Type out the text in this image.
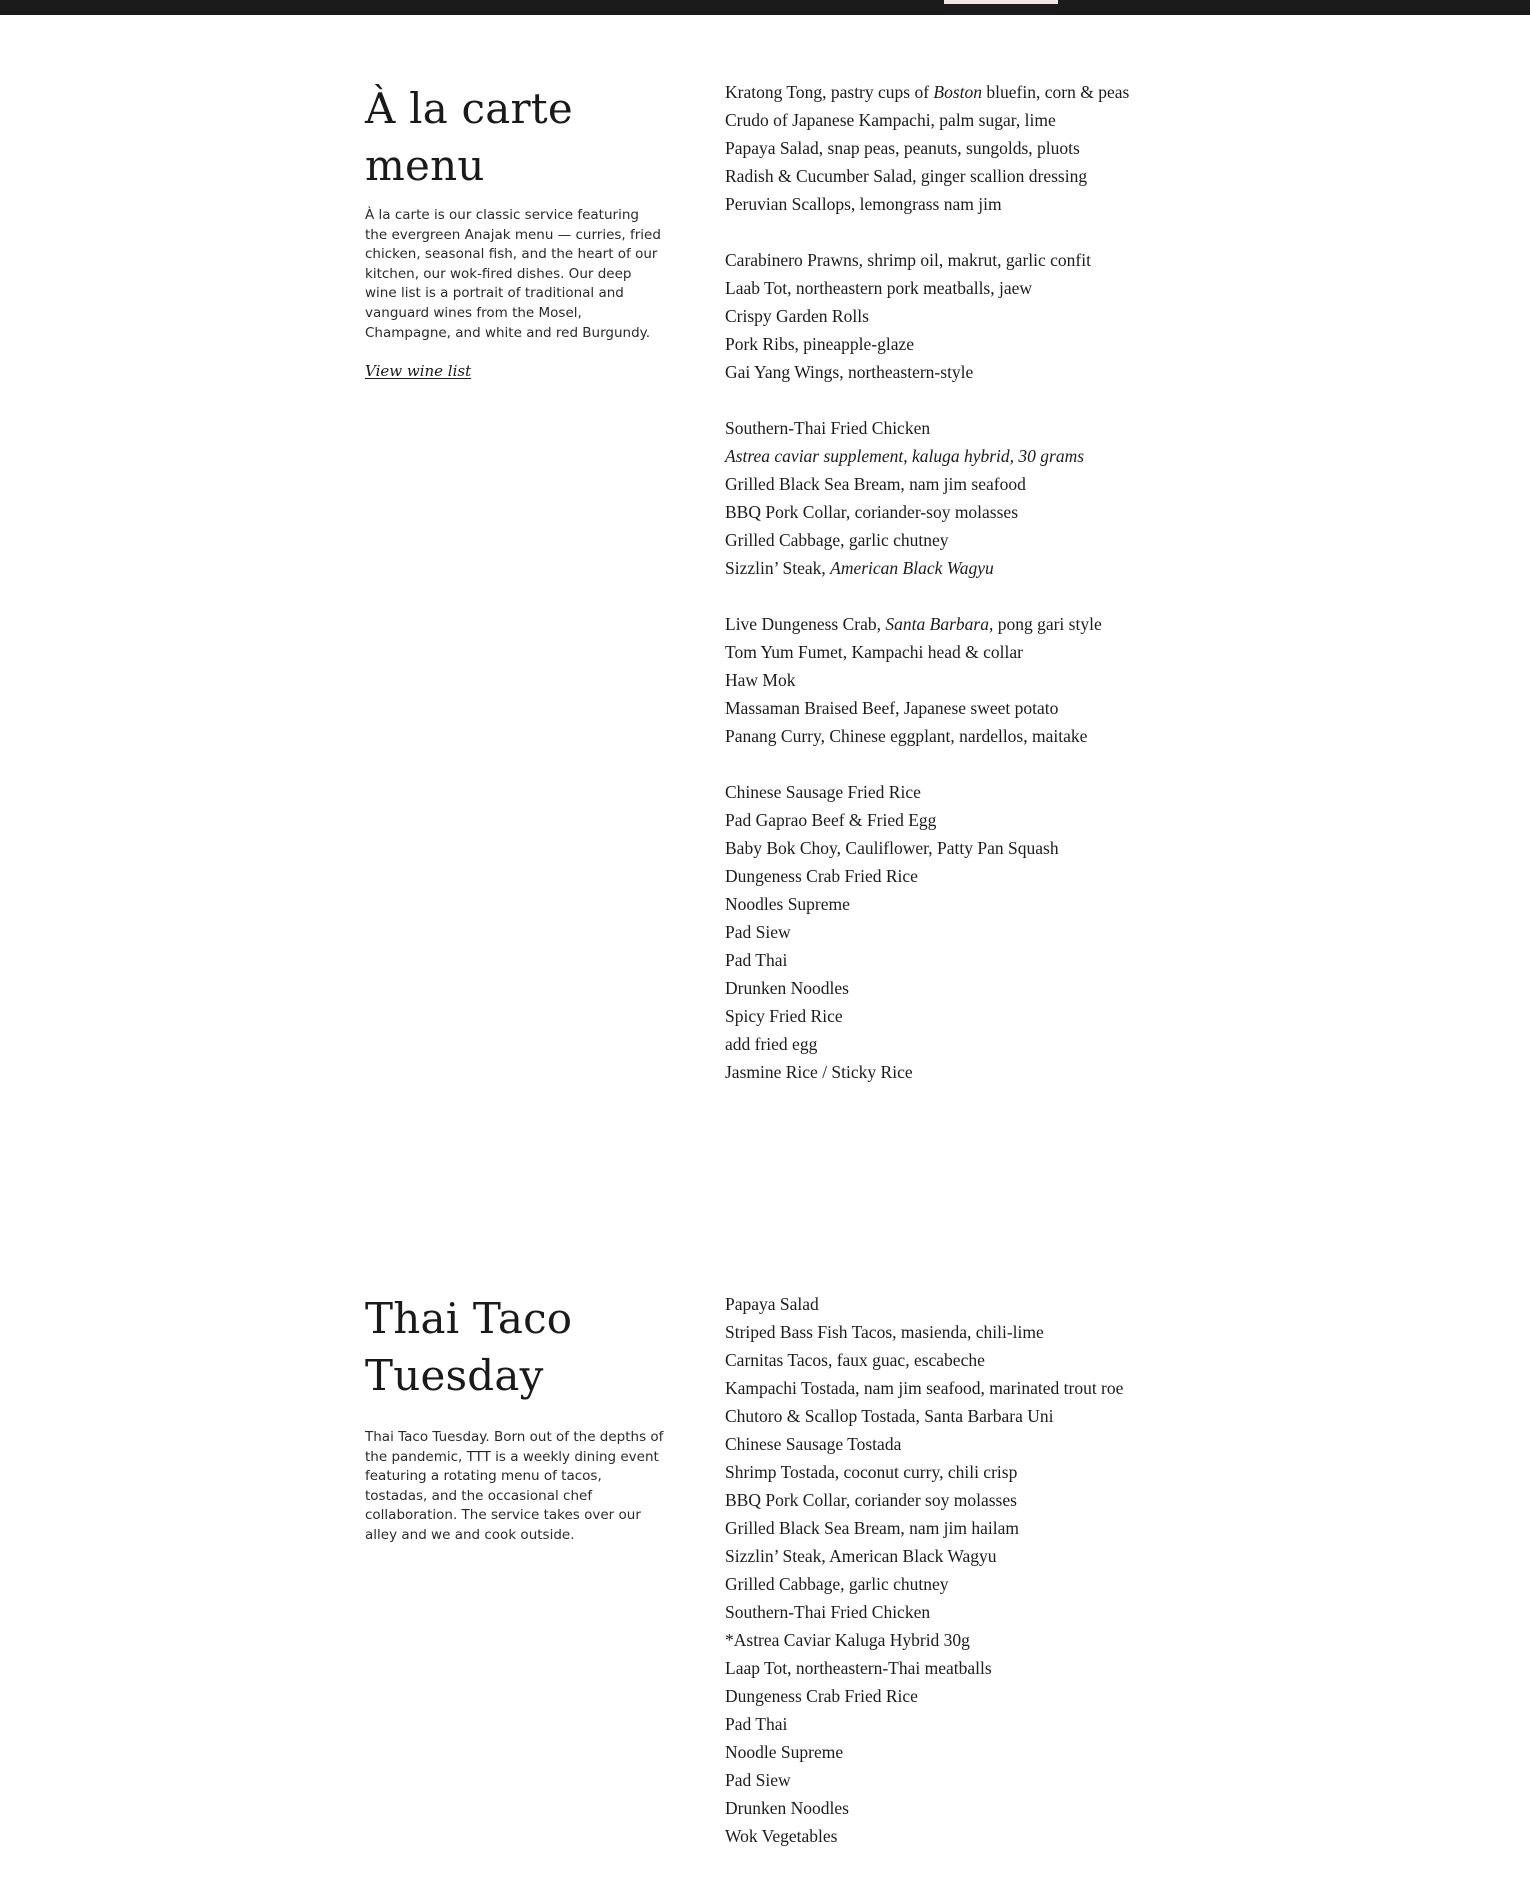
À la carte menu

À la carte is our classic service featuring the evergreen Anajak menu — curries, fried chicken, seasonal fish, and the heart of our kitchen, our wok-fired dishes. Our deep wine list is a portrait of traditional and vanguard wines from the Mosel, Champagne, and white and red Burgundy.

View wine list
Kratong Tong, pastry cups of Boston bluefin, corn & peas
Crudo of Japanese Kampachi, palm sugar, lime
Papaya Salad, snap peas, peanuts, sungolds, pluots
Radish & Cucumber Salad, ginger scallion dressing
Peruvian Scallops, lemongrass nam jim
Carabinero Prawns, shrimp oil, makrut, garlic confit
Laab Tot, northeastern pork meatballs, jaew
Crispy Garden Rolls
Pork Ribs, pineapple-glaze
Gai Yang Wings, northeastern-style
Southern-Thai Fried Chicken
Astrea caviar supplement, kaluga hybrid, 30 grams
Grilled Black Sea Bream, nam jim seafood
BBQ Pork Collar, coriander-soy molasses
Grilled Cabbage, garlic chutney
Sizzlin’ Steak, American Black Wagyu
Live Dungeness Crab, Santa Barbara, pong gari style
Tom Yum Fumet, Kampachi head & collar
Haw Mok
Massaman Braised Beef, Japanese sweet potato
Panang Curry, Chinese eggplant, nardellos, maitake
Chinese Sausage Fried Rice
Pad Gaprao Beef & Fried Egg
Baby Bok Choy, Cauliflower, Patty Pan Squash
Dungeness Crab Fried Rice
Noodles Supreme
Pad Siew
Pad Thai
Drunken Noodles
Spicy Fried Rice
add fried egg
Jasmine Rice / Sticky Rice
Thai Taco
Tuesday

Thai Taco Tuesday. Born out of the depths of the pandemic, TTT is a weekly dining event featuring a rotating menu of tacos, tostadas, and the occasional chef collaboration. The service takes over our alley and we and cook outside.

Papaya Salad
Striped Bass Fish Tacos, masienda, chili-lime
Carnitas Tacos, faux guac, escabeche
Kampachi Tostada, nam jim seafood, marinated trout roe
Chutoro & Scallop Tostada, Santa Barbara Uni
Chinese Sausage Tostada
Shrimp Tostada, coconut curry, chili crisp
BBQ Pork Collar, coriander soy molasses
Grilled Black Sea Bream, nam jim hailam
Sizzlin’ Steak, American Black Wagyu
Grilled Cabbage, garlic chutney
Southern-Thai Fried Chicken
*Astrea Caviar Kaluga Hybrid 30g
Laap Tot, northeastern-Thai meatballs
Dungeness Crab Fried Rice
Pad Thai
Noodle Supreme
Pad Siew
Drunken Noodles
Wok Vegetables
